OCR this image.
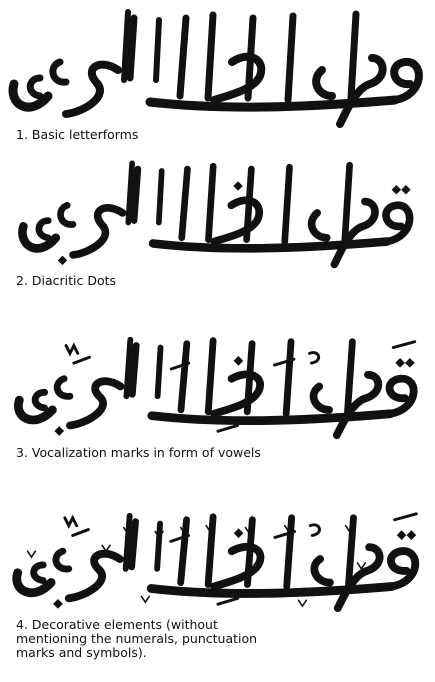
1. Basic letterforms
2. Diacritic Dots
3. Vocalization marks in form of vowels
4. Decorative elements (without
mentioning the numerals, punctuation
marks and symbols).
